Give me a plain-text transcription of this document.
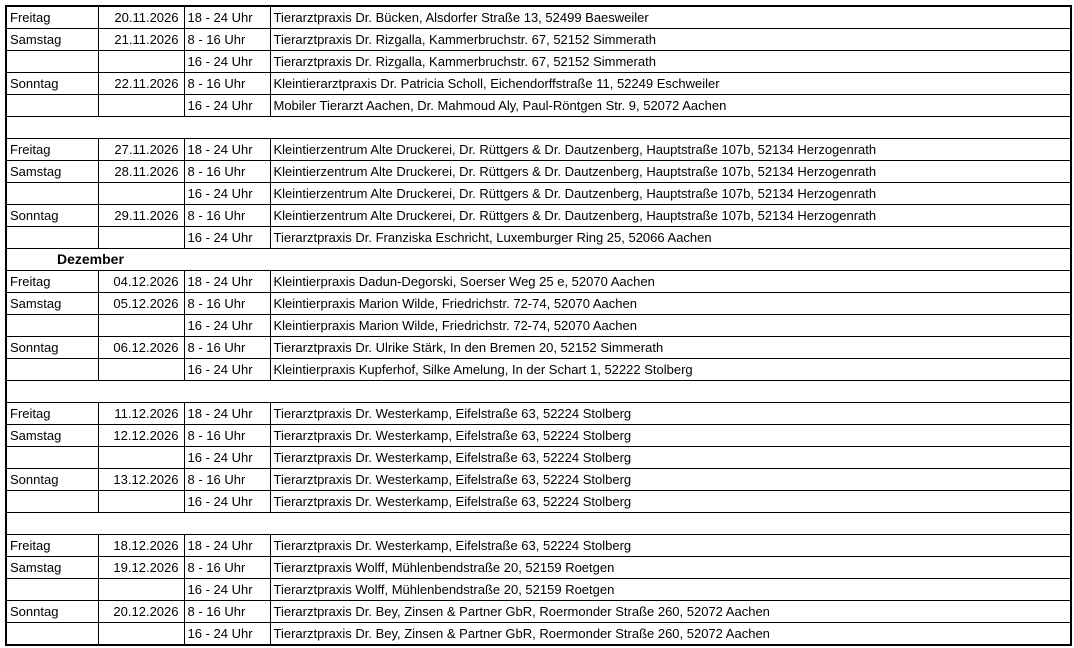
Freitag	20.11.2026	18 - 24 Uhr	Tierarztpraxis Dr. Bücken, Alsdorfer Straße 13, 52499 Baesweiler
Samstag	21.11.2026	8 - 16 Uhr	Tierarztpraxis Dr. Rizgalla, Kammerbruchstr. 67, 52152 Simmerath
		16 - 24 Uhr	Tierarztpraxis Dr. Rizgalla, Kammerbruchstr. 67, 52152 Simmerath
Sonntag	22.11.2026	8 - 16 Uhr	Kleintierarztpraxis Dr. Patricia Scholl, Eichendorffstraße 11, 52249 Eschweiler
		16 - 24 Uhr	Mobiler Tierarzt Aachen, Dr. Mahmoud Aly, Paul-Röntgen Str. 9, 52072 Aachen

Freitag	27.11.2026	18 - 24 Uhr	Kleintierzentrum Alte Druckerei, Dr. Rüttgers & Dr. Dautzenberg, Hauptstraße 107b, 52134 Herzogenrath
Samstag	28.11.2026	8 - 16 Uhr	Kleintierzentrum Alte Druckerei, Dr. Rüttgers & Dr. Dautzenberg, Hauptstraße 107b, 52134 Herzogenrath
		16 - 24 Uhr	Kleintierzentrum Alte Druckerei, Dr. Rüttgers & Dr. Dautzenberg, Hauptstraße 107b, 52134 Herzogenrath
Sonntag	29.11.2026	8 - 16 Uhr	Kleintierzentrum Alte Druckerei, Dr. Rüttgers & Dr. Dautzenberg, Hauptstraße 107b, 52134 Herzogenrath
		16 - 24 Uhr	Tierarztpraxis Dr. Franziska Eschricht, Luxemburger Ring 25, 52066 Aachen
Dezember			
Freitag	04.12.2026	18 - 24 Uhr	Kleintierpraxis Dadun-Degorski, Soerser Weg 25 e, 52070 Aachen
Samstag	05.12.2026	8 - 16 Uhr	Kleintierpraxis Marion Wilde, Friedrichstr. 72-74, 52070 Aachen
		16 - 24 Uhr	Kleintierpraxis Marion Wilde, Friedrichstr. 72-74, 52070 Aachen
Sonntag	06.12.2026	8 - 16 Uhr	Tierarztpraxis Dr. Ulrike Stärk, In den Bremen 20, 52152 Simmerath
		16 - 24 Uhr	Kleintierpraxis Kupferhof, Silke Amelung, In der Schart 1, 52222 Stolberg

Freitag	11.12.2026	18 - 24 Uhr	Tierarztpraxis Dr. Westerkamp, Eifelstraße 63, 52224 Stolberg
Samstag	12.12.2026	8 - 16 Uhr	Tierarztpraxis Dr. Westerkamp, Eifelstraße 63, 52224 Stolberg
		16 - 24 Uhr	Tierarztpraxis Dr. Westerkamp, Eifelstraße 63, 52224 Stolberg
Sonntag	13.12.2026	8 - 16 Uhr	Tierarztpraxis Dr. Westerkamp, Eifelstraße 63, 52224 Stolberg
		16 - 24 Uhr	Tierarztpraxis Dr. Westerkamp, Eifelstraße 63, 52224 Stolberg

Freitag	18.12.2026	18 - 24 Uhr	Tierarztpraxis Dr. Westerkamp, Eifelstraße 63, 52224 Stolberg
Samstag	19.12.2026	8 - 16 Uhr	Tierarztpraxis Wolff, Mühlenbendstraße 20, 52159 Roetgen
		16 - 24 Uhr	Tierarztpraxis Wolff, Mühlenbendstraße 20, 52159 Roetgen
Sonntag	20.12.2026	8 - 16 Uhr	Tierarztpraxis Dr. Bey, Zinsen & Partner GbR, Roermonder Straße 260, 52072 Aachen
		16 - 24 Uhr	Tierarztpraxis Dr. Bey, Zinsen & Partner GbR, Roermonder Straße 260, 52072 Aachen
